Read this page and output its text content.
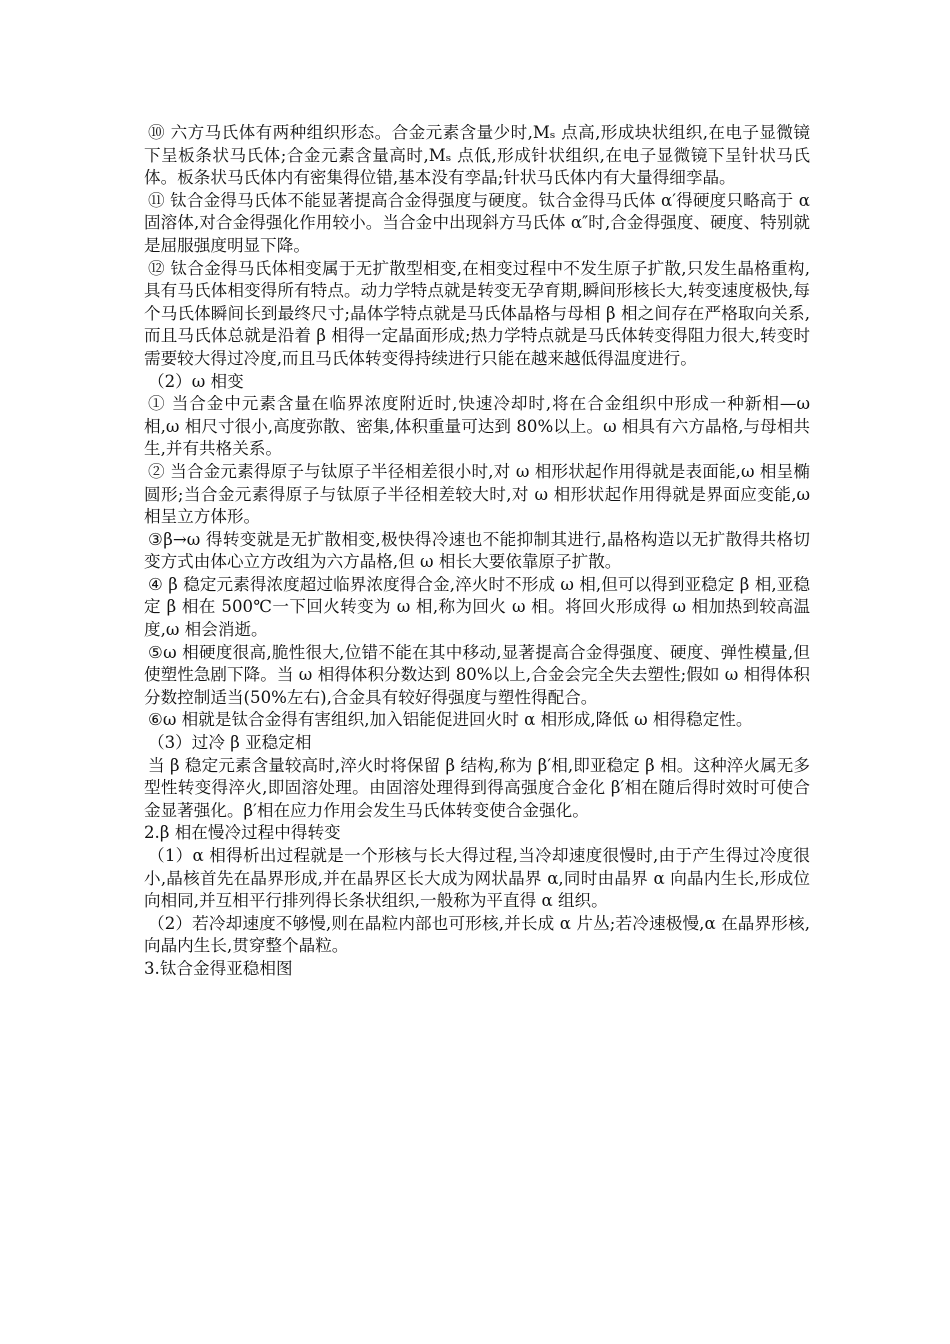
⑩ 六方马氏体有两种组织形态。合金元素含量少时,Mₛ 点高,形成块状组织,在电子显微镜下呈板条状马氏体;合金元素含量高时,Mₛ 点低,形成针状组织,在电子显微镜下呈针状马氏体。板条状马氏体内有密集得位错,基本没有孪晶;针状马氏体内有大量得细孪晶。

⑪ 钛合金得马氏体不能显著提高合金得强度与硬度。钛合金得马氏体 α′得硬度只略高于 α 固溶体,对合金得强化作用较小。当合金中出现斜方马氏体 α″时,合金得强度、硬度、特别就是屈服强度明显下降。

⑫ 钛合金得马氏体相变属于无扩散型相变,在相变过程中不发生原子扩散,只发生晶格重构,具有马氏体相变得所有特点。动力学特点就是转变无孕育期,瞬间形核长大,转变速度极快,每个马氏体瞬间长到最终尺寸;晶体学特点就是马氏体晶格与母相 β 相之间存在严格取向关系,而且马氏体总就是沿着 β 相得一定晶面形成;热力学特点就是马氏体转变得阻力很大,转变时需要较大得过冷度,而且马氏体转变得持续进行只能在越来越低得温度进行。

（2）ω 相变

① 当合金中元素含量在临界浓度附近时,快速冷却时,将在合金组织中形成一种新相—ω 相,ω 相尺寸很小,高度弥散、密集,体积重量可达到 80%以上。ω 相具有六方晶格,与母相共生,并有共格关系。

② 当合金元素得原子与钛原子半径相差很小时,对 ω 相形状起作用得就是表面能,ω 相呈椭圆形;当合金元素得原子与钛原子半径相差较大时,对 ω 相形状起作用得就是界面应变能,ω 相呈立方体形。

③β→ω 得转变就是无扩散相变,极快得冷速也不能抑制其进行,晶格构造以无扩散得共格切变方式由体心立方改组为六方晶格,但 ω 相长大要依靠原子扩散。

④ β 稳定元素得浓度超过临界浓度得合金,淬火时不形成 ω 相,但可以得到亚稳定 β 相,亚稳定 β 相在 500℃一下回火转变为 ω 相,称为回火 ω 相。将回火形成得 ω 相加热到较高温度,ω 相会消逝。

⑤ω 相硬度很高,脆性很大,位错不能在其中移动,显著提高合金得强度、硬度、弹性模量,但使塑性急剧下降。当 ω 相得体积分数达到 80%以上,合金会完全失去塑性;假如 ω 相得体积分数控制适当(50%左右),合金具有较好得强度与塑性得配合。

⑥ω 相就是钛合金得有害组织,加入铝能促进回火时 α 相形成,降低 ω 相得稳定性。

（3）过冷 β 亚稳定相

当 β 稳定元素含量较高时,淬火时将保留 β 结构,称为 β′相,即亚稳定 β 相。这种淬火属无多型性转变得淬火,即固溶处理。由固溶处理得到得高强度合金化 β′相在随后得时效时可使合金显著强化。β′相在应力作用会发生马氏体转变使合金强化。

2.β 相在慢冷过程中得转变

（1）α 相得析出过程就是一个形核与长大得过程,当冷却速度很慢时,由于产生得过冷度很小,晶核首先在晶界形成,并在晶界区长大成为网状晶界 α,同时由晶界 α 向晶内生长,形成位向相同,并互相平行排列得长条状组织,一般称为平直得 α 组织。

（2）若冷却速度不够慢,则在晶粒内部也可形核,并长成 α 片丛;若冷速极慢,α 在晶界形核,向晶内生长,贯穿整个晶粒。

3.钛合金得亚稳相图
